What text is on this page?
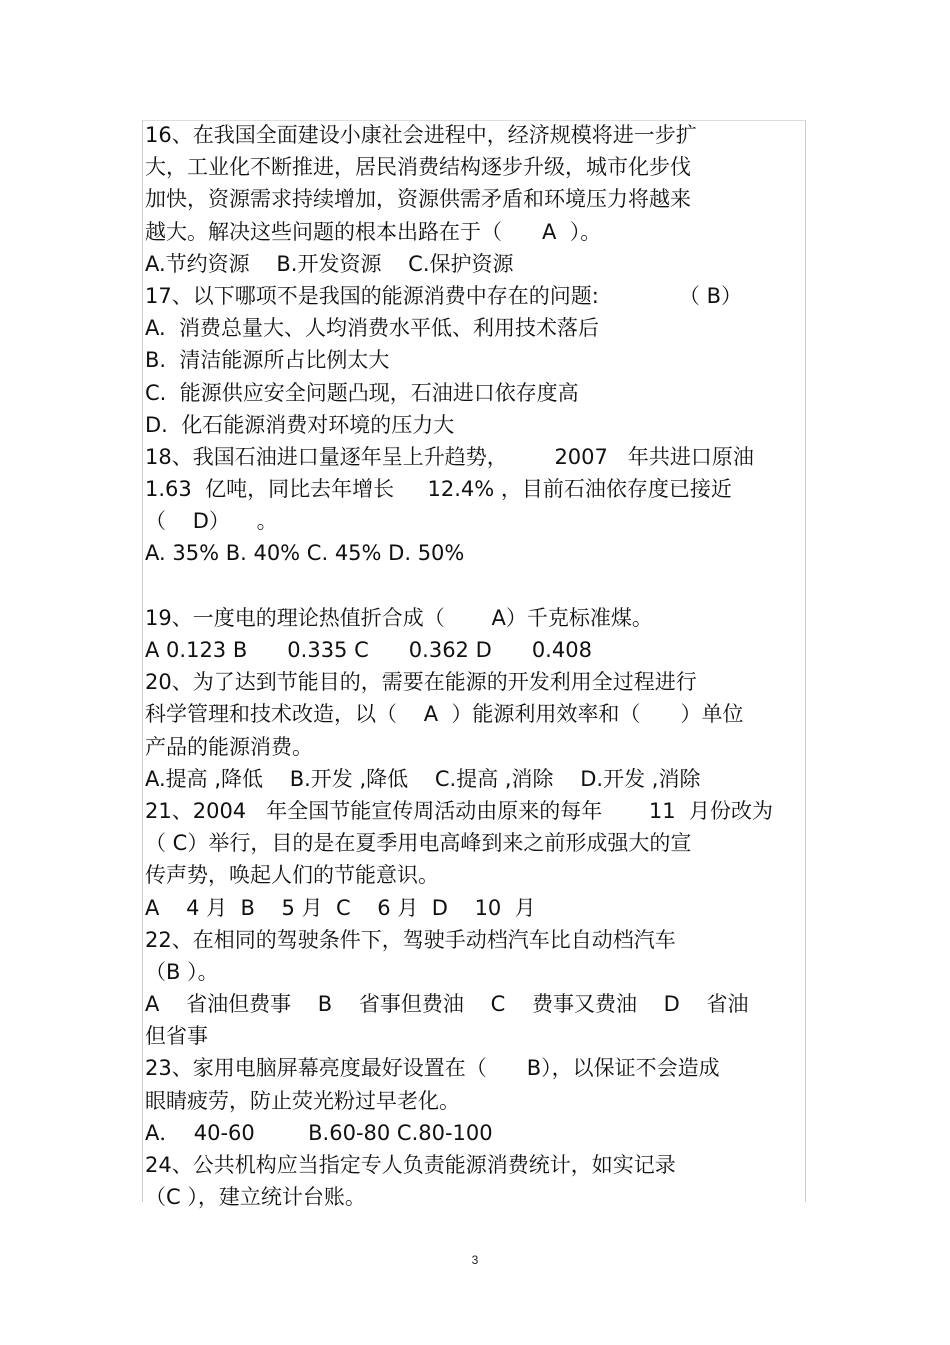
16、在我国全面建设小康社会进程中，经济规模将进一步扩
大，工业化不断推进，居民消费结构逐步升级，城市化步伐
加快，资源需求持续增加，资源供需矛盾和环境压力将越来
越大。解决这些问题的根本出路在于（      A  ）。
A.节约资源    B.开发资源    C.保护资源
17、以下哪项不是我国的能源消费中存在的问题:            （ B）
A.  消费总量大、人均消费水平低、利用技术落后
B.  清洁能源所占比例太大
C.  能源供应安全问题凸现，石油进口依存度高
D.  化石能源消费对环境的压力大
18、我国石油进口量逐年呈上升趋势，       2007   年共进口原油
1.63  亿吨，同比去年增长     12.4% ，目前石油依存度已接近
（    D）    。
A. 35% B. 40% C. 45% D. 50%
19、一度电的理论热值折合成（       A）千克标准煤。
A 0.123 B      0.335 C      0.362 D      0.408
20、为了达到节能目的，需要在能源的开发利用全过程进行
科学管理和技术改造，以（    A  ）能源利用效率和（      ）单位
产品的能源消费。
A.提高 ,降低    B.开发 ,降低    C.提高 ,消除    D.开发 ,消除
21、2004   年全国节能宣传周活动由原来的每年       11  月份改为
（ C）举行，目的是在夏季用电高峰到来之前形成强大的宣
传声势，唤起人们的节能意识。
A    4 月  B    5 月  C    6 月  D    10  月
22、在相同的驾驶条件下，驾驶手动档汽车比自动档汽车
（B ）。
A    省油但费事    B    省事但费油    C    费事又费油    D    省油
但省事
23、家用电脑屏幕亮度最好设置在（      B），以保证不会造成
眼睛疲劳，防止荧光粉过早老化。
A．  40-60        B.60-80 C.80-100
24、公共机构应当指定专人负责能源消费统计，如实记录
（C ），建立统计台账。
3
